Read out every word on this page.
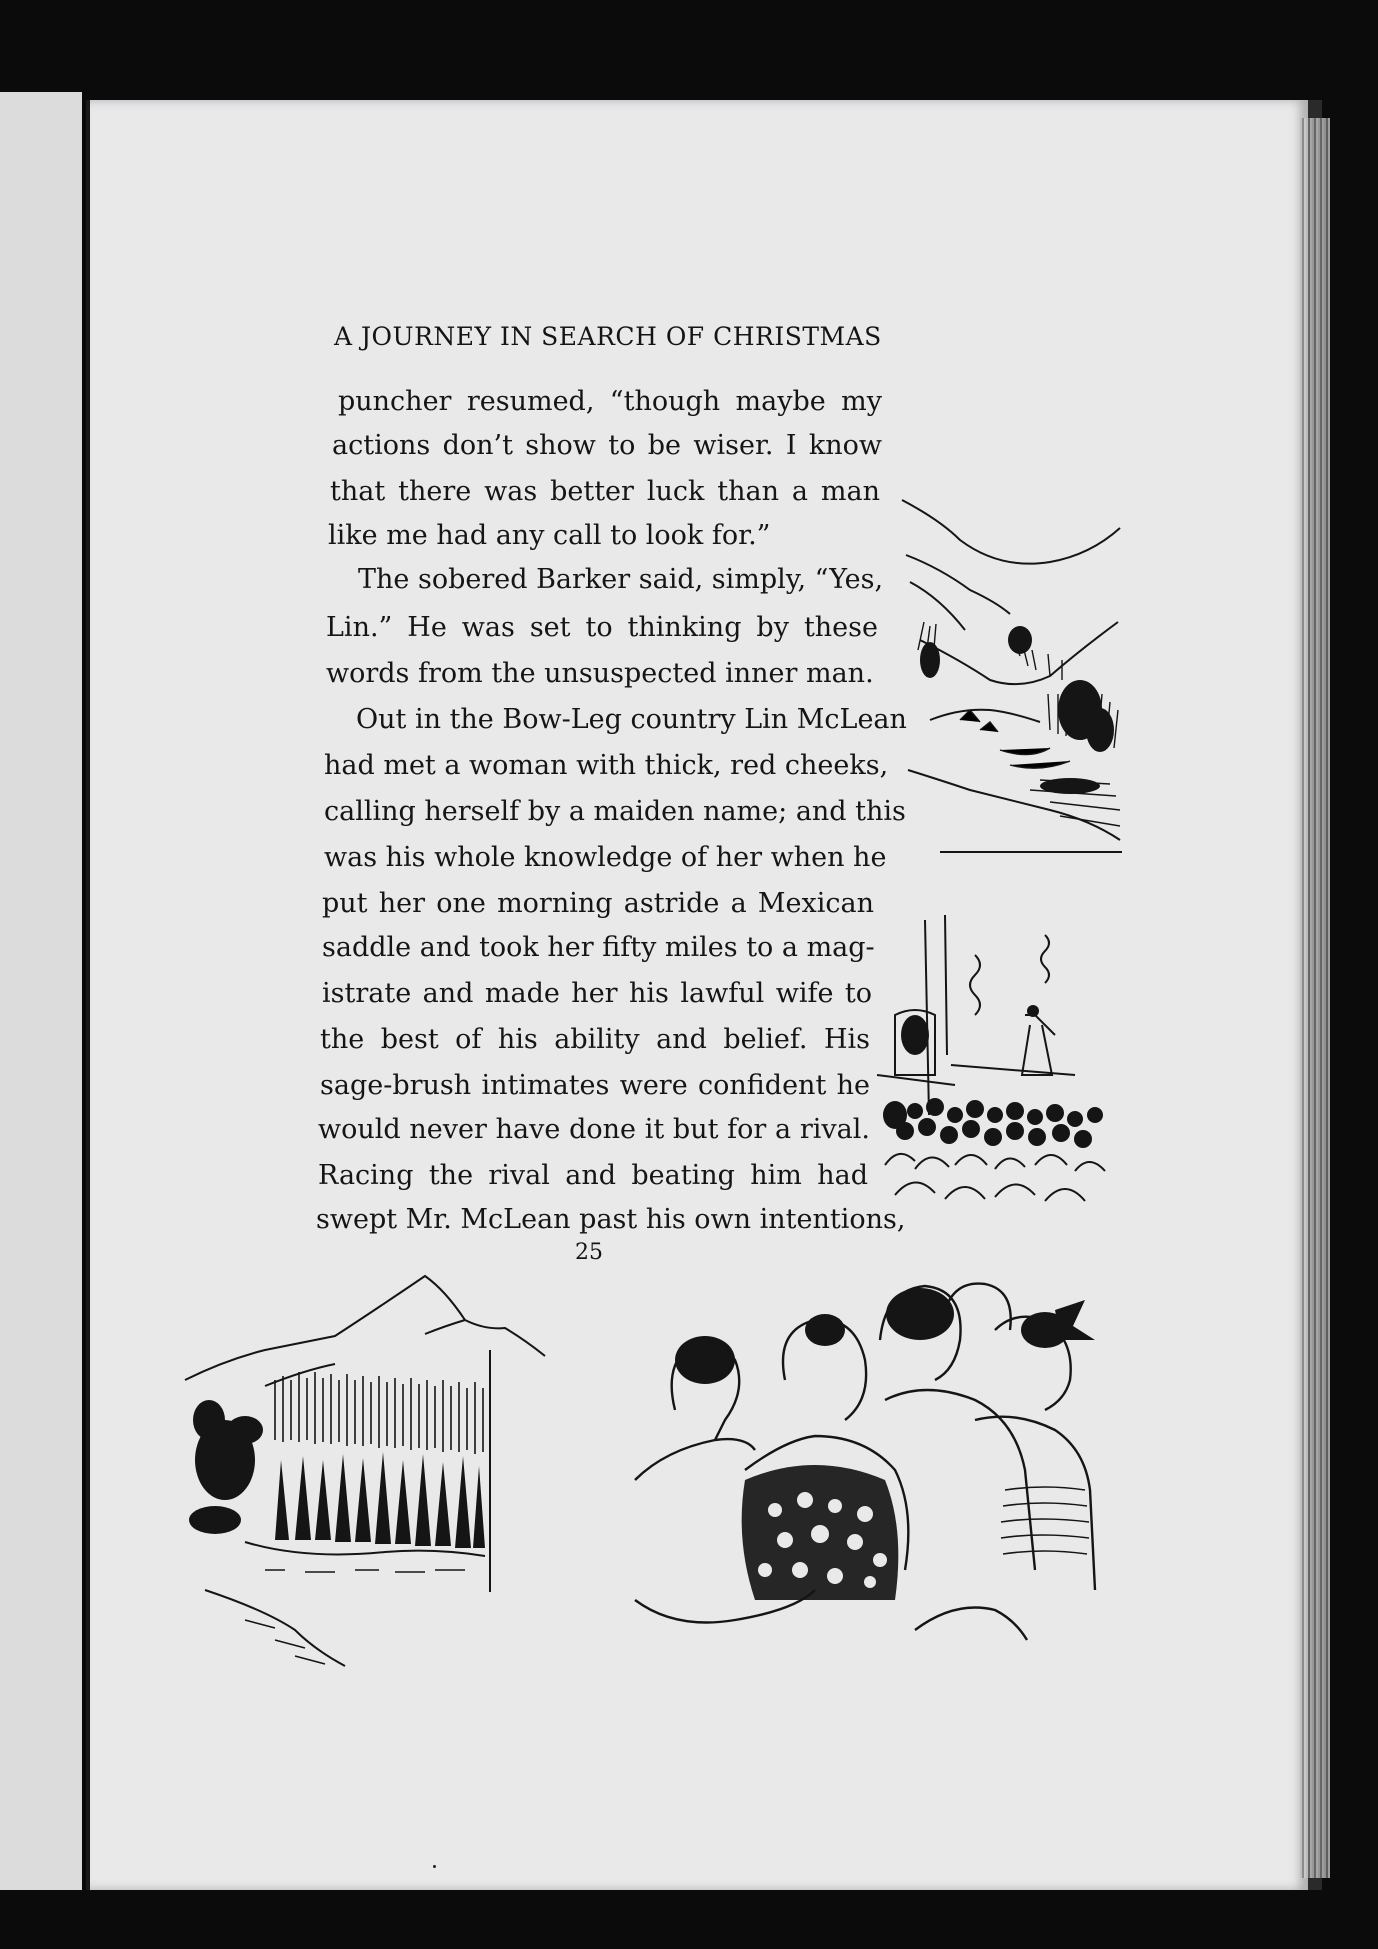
A JOURNEY IN SEARCH OF CHRISTMAS
puncher resumed, “though maybe my
actions don’t show to be wiser. I know
that there was better luck than a man
like me had any call to look for.”
The sobered Barker said, simply, “Yes,
Lin.” He was set to thinking by these
words from the unsuspected inner man.
Out in the Bow-Leg country Lin McLean
had met a woman with thick, red cheeks,
calling herself by a maiden name; and this
was his whole knowledge of her when he
put her one morning astride a Mexican
saddle and took her fifty miles to a mag-
istrate and made her his lawful wife to
the best of his ability and belief. His
sage-brush intimates were confident he
would never have done it but for a rival.
Racing the rival and beating him had
swept Mr. McLean past his own intentions,
25
